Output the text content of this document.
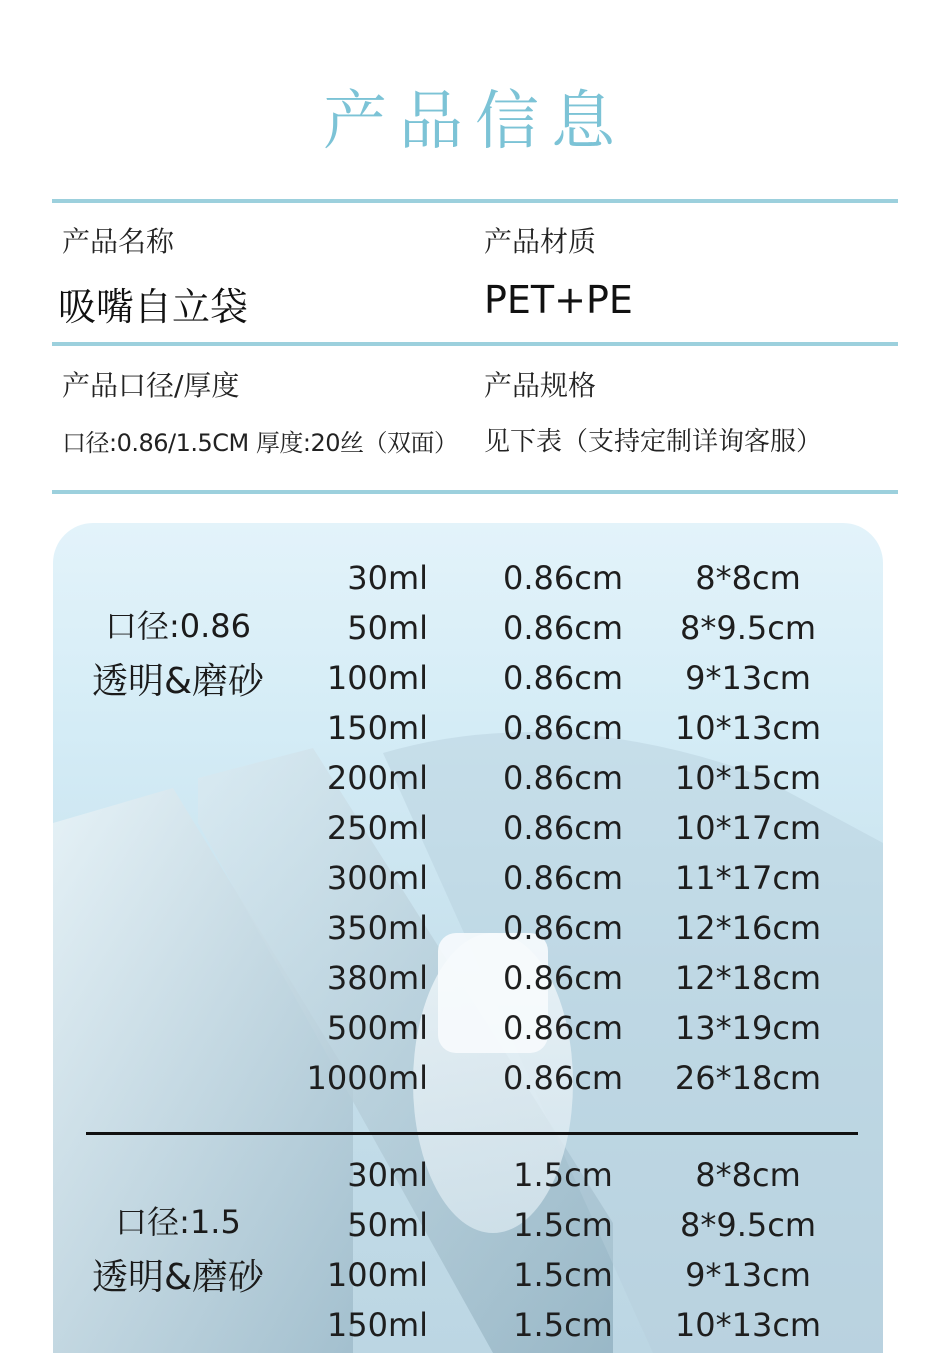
产品信息
产品名称
吸嘴自立袋
产品材质
PET+PE
产品口径/厚度
口径:0.86/1.5CM 厚度:20丝（双面）
产品规格
见下表（支持定制详询客服）
口径:0.86
透明&磨砂
30ml	0.86cm	8*8cm
50ml	0.86cm	8*9.5cm
100ml	0.86cm	9*13cm
150ml	0.86cm	10*13cm
200ml	0.86cm	10*15cm
250ml	0.86cm	10*17cm
300ml	0.86cm	11*17cm
350ml	0.86cm	12*16cm
380ml	0.86cm	12*18cm
500ml	0.86cm	13*19cm
1000ml	0.86cm	26*18cm
口径:1.5
透明&磨砂
30ml	1.5cm	8*8cm
50ml	1.5cm	8*9.5cm
100ml	1.5cm	9*13cm
150ml	1.5cm	10*13cm
